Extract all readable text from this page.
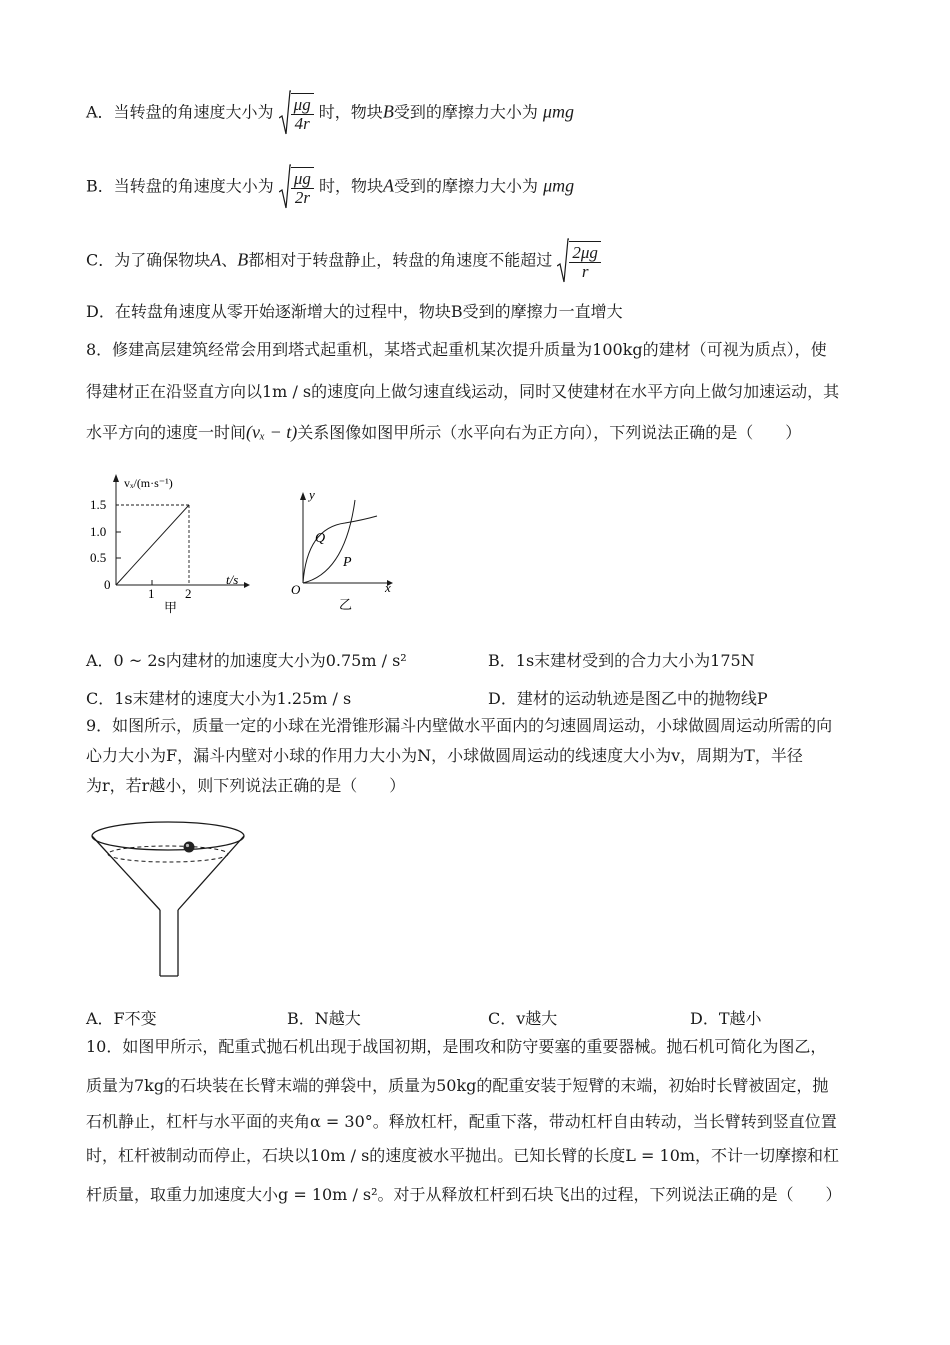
A．当转盘的角速度大小为 $\frac{\mu g}{4r}$ 时，物块B受到的摩擦力大小为 μmg
B．当转盘的角速度大小为 $\frac{\mu g}{2r}$ 时，物块A受到的摩擦力大小为 μmg
C．为了确保物块A、B都相对于转盘静止，转盘的角速度不能超过 $\frac{2\mu g}{r}$
D．在转盘角速度从零开始逐渐增大的过程中，物块B受到的摩擦力一直增大
8．修建高层建筑经常会用到塔式起重机，某塔式起重机某次提升质量为100kg的建材（可视为质点），使
得建材正在沿竖直方向以1m / s的速度向上做匀速直线运动，同时又使建材在水平方向上做匀加速运动，其
水平方向的速度一时间(vₓ − t)关系图像如图甲所示（水平向右为正方向），下列说法正确的是（　　）
vₓ/(m·s⁻¹)
1.5
1.0
0.5
0
1 2
t/s
甲
y
x
O
Q
P
乙
A．0 ~ 2s内建材的加速度大小为0.75m / s²	B．1s末建材受到的合力大小为175N
C．1s末建材的速度大小为1.25m / s	D．建材的运动轨迹是图乙中的抛物线P
9．如图所示，质量一定的小球在光滑锥形漏斗内壁做水平面内的匀速圆周运动，小球做圆周运动所需的向
心力大小为F，漏斗内壁对小球的作用力大小为N，小球做圆周运动的线速度大小为v，周期为T，半径
为r，若r越小，则下列说法正确的是（　　）
A．F不变	B．N越大	C．v越大	D．T越小
10．如图甲所示，配重式抛石机出现于战国初期，是围攻和防守要塞的重要器械。抛石机可简化为图乙，
质量为7kg的石块装在长臂末端的弹袋中，质量为50kg的配重安装于短臂的末端，初始时长臂被固定，抛
石机静止，杠杆与水平面的夹角α = 30°。释放杠杆，配重下落，带动杠杆自由转动，当长臂转到竖直位置
时，杠杆被制动而停止，石块以10m / s的速度被水平抛出。已知长臂的长度L = 10m，不计一切摩擦和杠
杆质量，取重力加速度大小g = 10m / s²。对于从释放杠杆到石块飞出的过程，下列说法正确的是（　　）
